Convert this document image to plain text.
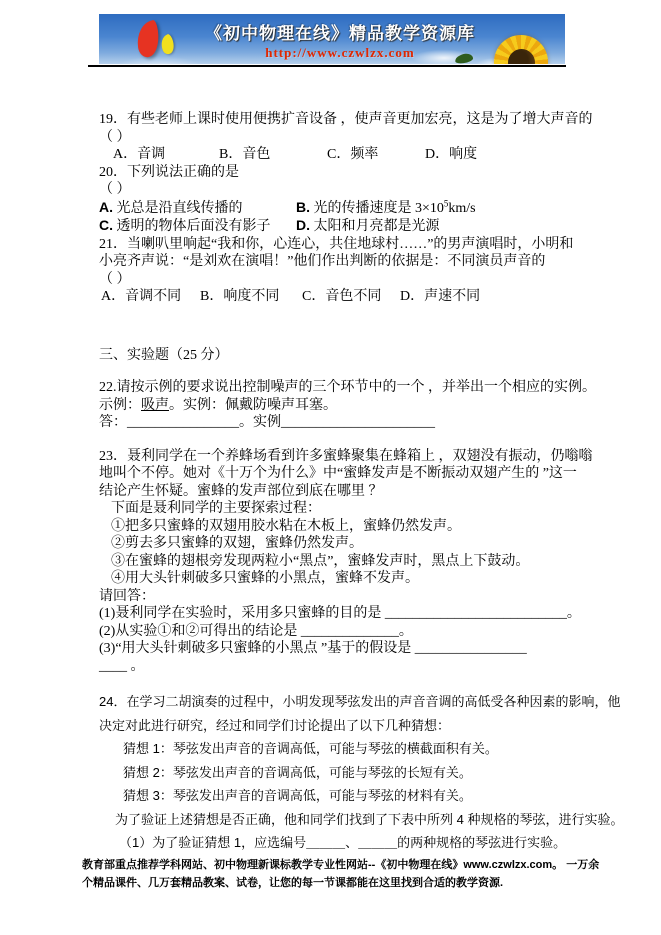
《初中物理在线》精品教学资源库
http://www.czwlzx.com

19．有些老师上课时使用便携扩音设备 ，使声音更加宏亮，这是为了增大声音的

（ ）

A．音调	B．音色	C．频率	D．响度

20．下列说法正确的是

（ ）

A. 光总是沿直线传播的	B. 光的传播速度是 $3\times 10^5km/s$

C. 透明的物体后面没有影子 D. 太阳和月亮都是光源

21．当喇叭里响起“我和你，心连心，共住地球村……”的男声演唱时，小明和

小亮齐声说：“是刘欢在演唱！”他们作出判断的依据是：不同演员声音的

（ ）

A．音调不同	B．响度不同	C．音色不同	D．声速不同

三、实验题（25 分）

22.请按示例的要求说出控制噪声的三个环节中的一个 ，并举出一个相应的实例。

示例：吸声。实例：佩戴防噪声耳塞。

答：________________。实例______________________

23．聂利同学在一个养蜂场看到许多蜜蜂聚集在蜂箱上 ，双翅没有振动，仍嗡嗡

地叫个不停。她对《十万个为什么》中“蜜蜂发声是不断振动双翅产生的 ”这一

结论产生怀疑。蜜蜂的发声部位到底在哪里 ？

下面是聂利同学的主要探索过程：

①把多只蜜蜂的双翅用胶水粘在木板上，蜜蜂仍然发声。

②剪去多只蜜蜂的双翅，蜜蜂仍然发声。

③在蜜蜂的翅根旁发现两粒小“黑点”，蜜蜂发声时，黑点上下鼓动。

④用大头针刺破多只蜜蜂的小黑点，蜜蜂不发声。

请回答：

(1)聂利同学在实验时，采用多只蜜蜂的目的是 __________________________。

(2)从实验①和②可得出的结论是 ______________。

(3)“用大头针刺破多只蜜蜂的小黑点 ”基于的假设是 ________________

____ 。

24．在学习二胡演奏的过程中，小明发现琴弦发出的声音音调的高低受各种因素的影响，他

决定对此进行研究，经过和同学们讨论提出了以下几种猜想：

猜想 1：琴弦发出声音的音调高低，可能与琴弦的横截面积有关。

猜想 2：琴弦发出声音的音调高低，可能与琴弦的长短有关。

猜想 3：琴弦发出声音的音调高低，可能与琴弦的材料有关。

为了验证上述猜想是否正确，他和同学们找到了下表中所列 4 种规格的琴弦，进行实验。

（1）为了验证猜想 1，应选编号＿＿＿、＿＿＿的两种规格的琴弦进行实验。

教育部重点推荐学科网站、初中物理新课标教学专业性网站--《初中物理在线》www.czwlzx.com。 一万余

个精品课件、几万套精品教案、试卷，让您的每一节课都能在这里找到合适的教学资源.
